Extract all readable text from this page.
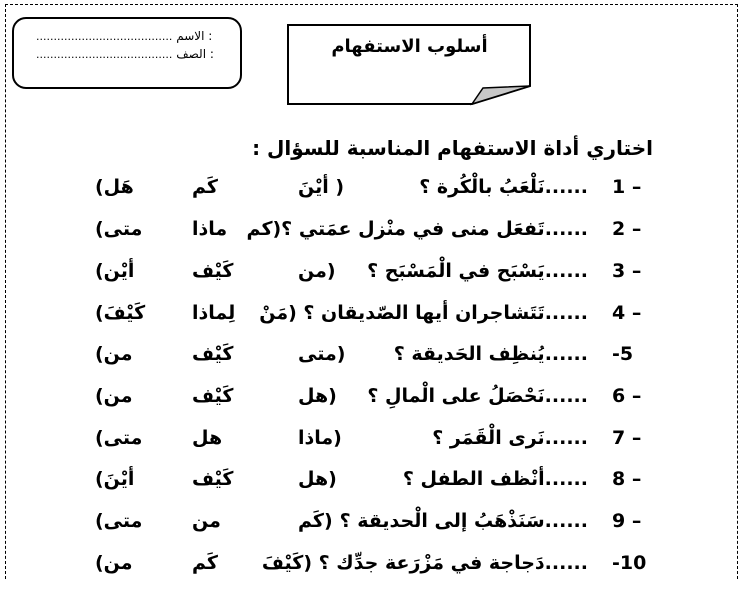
....................................... الاسم :
....................................... الصف :	أسلوب الاستفهام
اختاري أداة الاستفهام المناسبة للسؤال :
1 –
......نَلْعَبُ بالْكُرة ؟
( أيْنَ
كَم
هَل)
2 –
......تَفعَل منى في منْزل عمَتي ؟(كم
ماذا
متى)
3 –
......يَسْبَح في الْمَسْبَح ؟
(من
كَيْف
أيْن)
4 –
......تَتَشاجران أيها الصّديقان ؟ (مَنْ
لِماذا
كَيْفَ)
-5
......يُنظِف الحَديقة ؟
(متى
كَيْف
من)
6 –
......نَحْصَلُ على الْمالِ ؟
(هل
كَيْف
من)
7 –
......نَرى الْقَمَر ؟
(ماذا
هل
متى)
8 –
......أنْظف الطفل ؟
(هل
كَيْف
أيْنَ)
9 –
......سَنَذْهَبُ إلى الْحديقة ؟
(كَم
من
متى)
-10
......دَجاجة في مَزْرَعة جدِّك ؟ (كَيْفَ
كَم
من)
